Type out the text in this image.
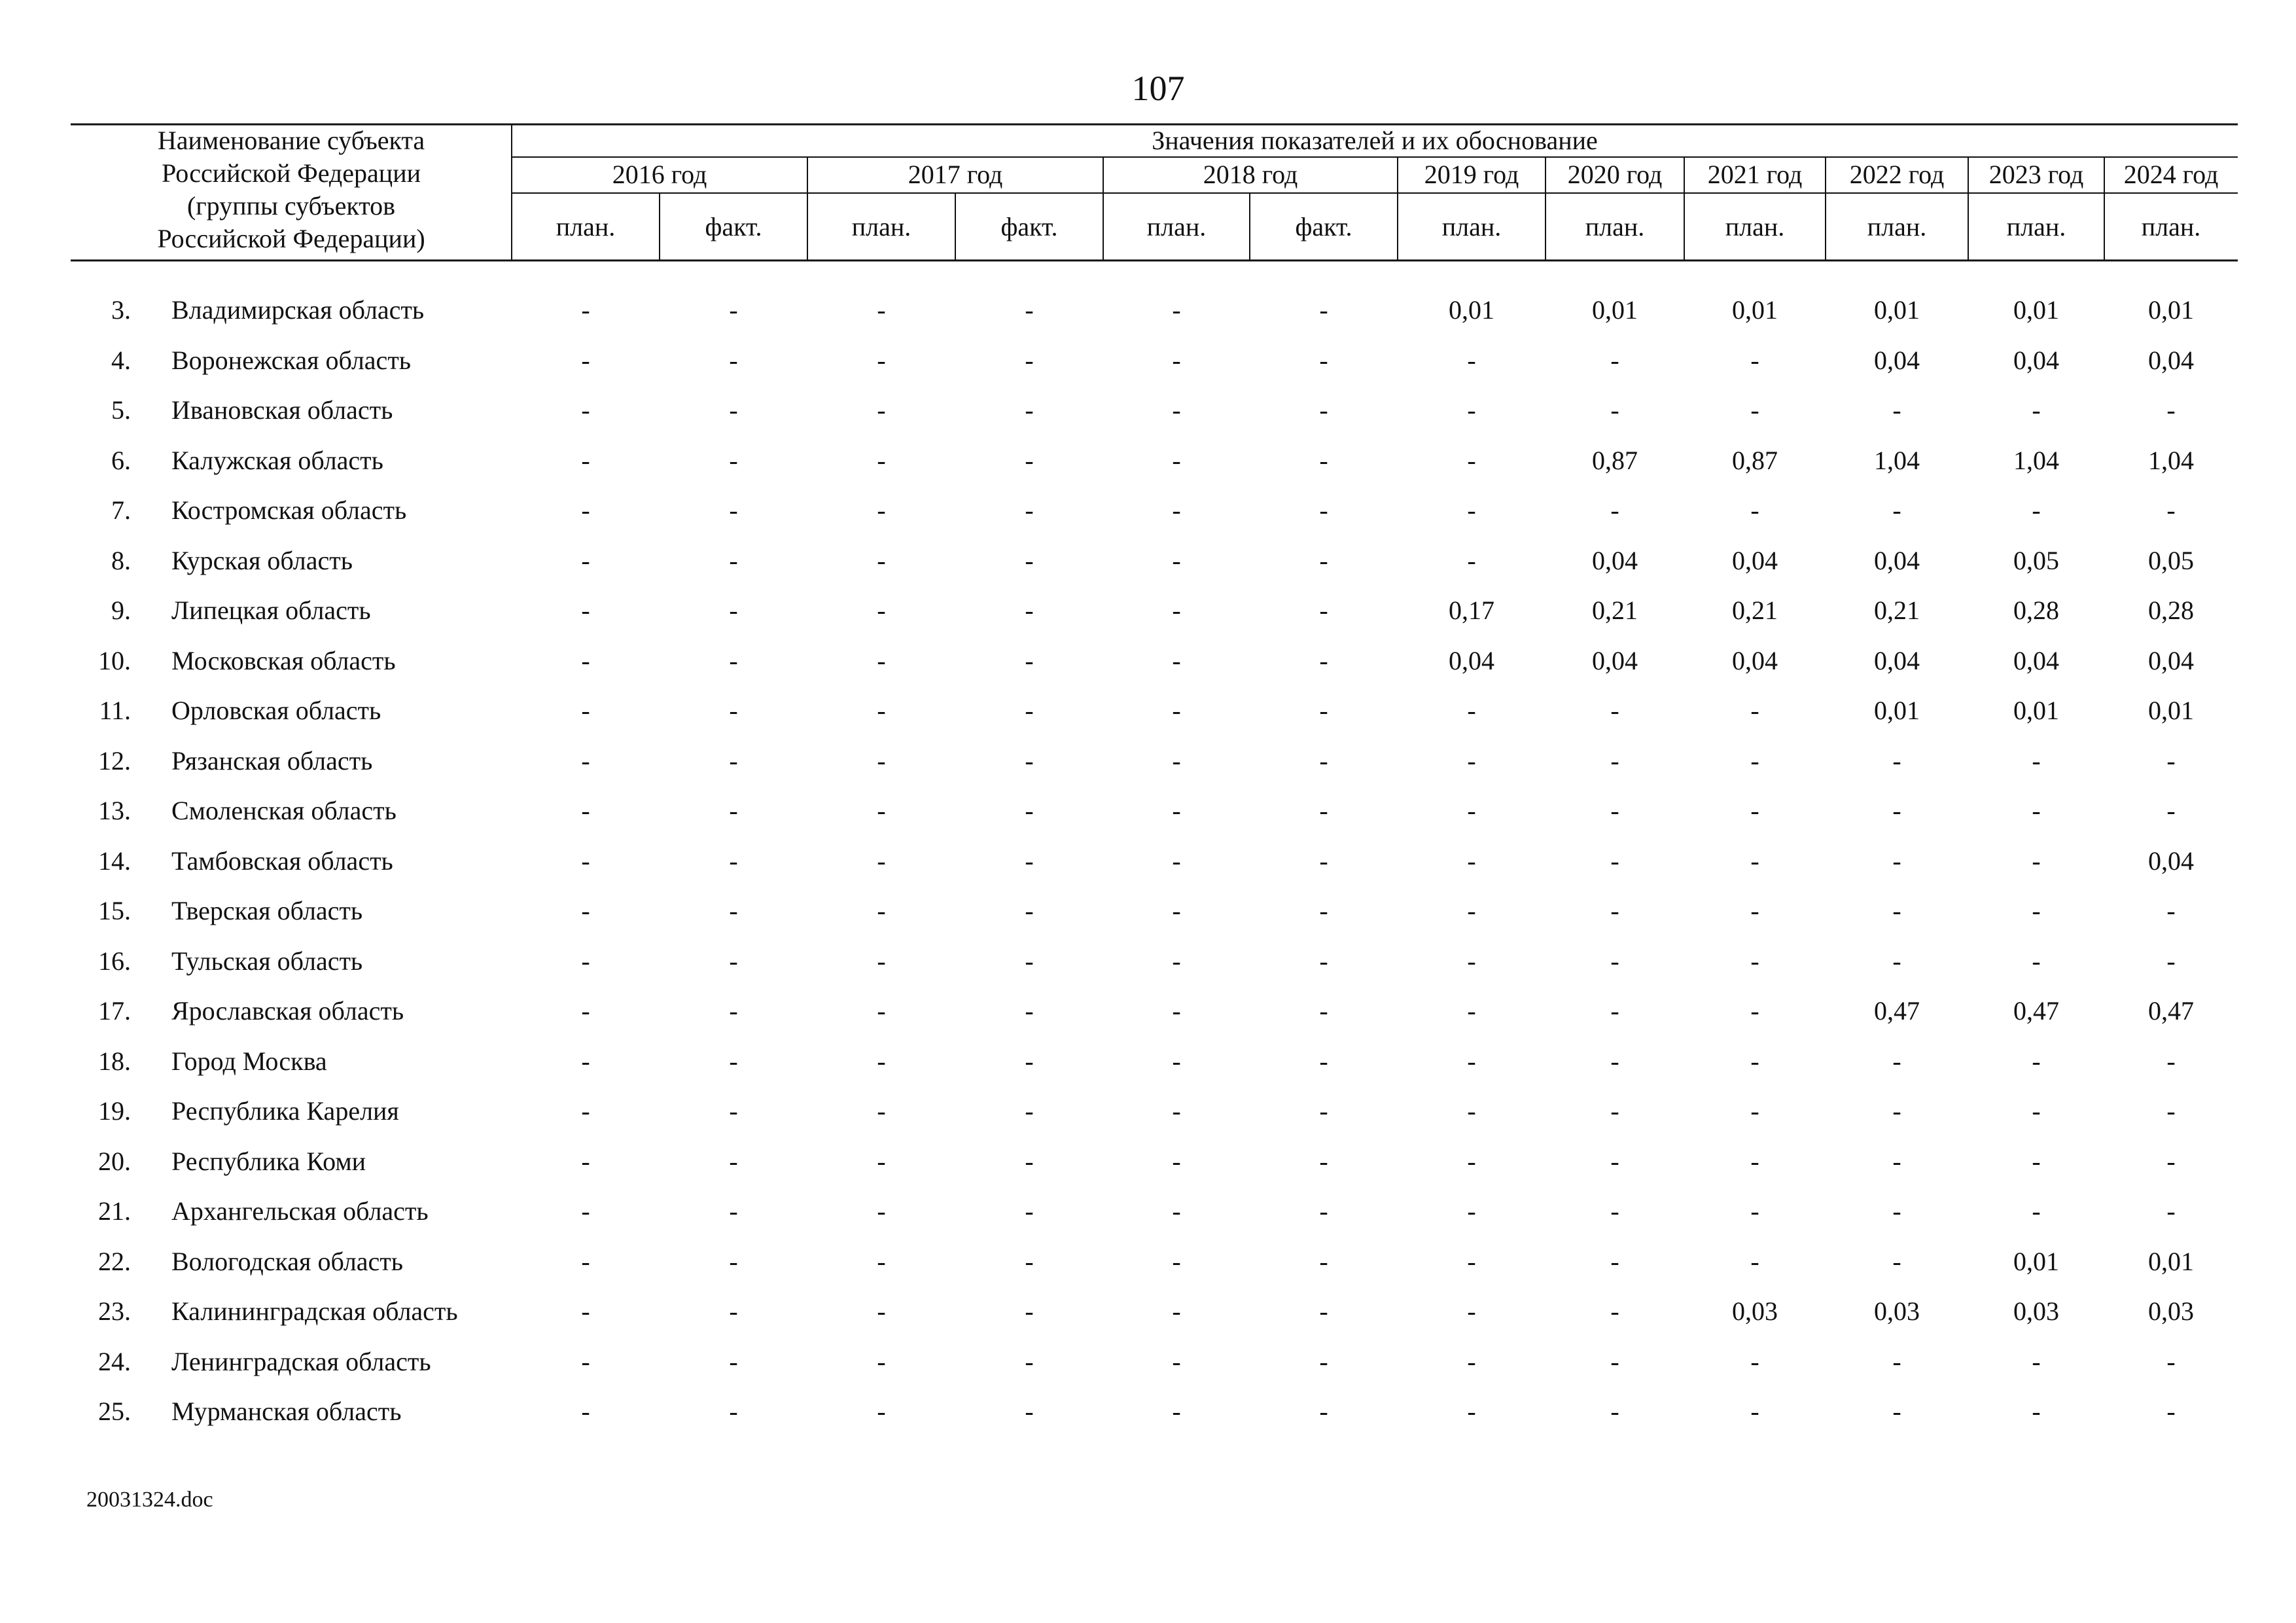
107
Наименование субъекта
Российской Федерации
(группы субъектов
Российской Федерации)
Значения показателей и их обоснование
2016 год	2017 год	2018 год	2019 год	2020 год	2021 год	2022 год	2023 год	2024 год
план.	факт.	план.	факт.	план.	факт.	план.	план.	план.	план.	план.	план.
3. Владимирская область	-	-	-	-	-	-	0,01	0,01	0,01	0,01	0,01	0,01
4. Воронежская область	-	-	-	-	-	-	-	-	-	0,04	0,04	0,04
5. Ивановская область	-	-	-	-	-	-	-	-	-	-	-	-
6. Калужская область	-	-	-	-	-	-	-	0,87	0,87	1,04	1,04	1,04
7. Костромская область	-	-	-	-	-	-	-	-	-	-	-	-
8. Курская область	-	-	-	-	-	-	-	0,04	0,04	0,04	0,05	0,05
9. Липецкая область	-	-	-	-	-	-	0,17	0,21	0,21	0,21	0,28	0,28
10. Московская область	-	-	-	-	-	-	0,04	0,04	0,04	0,04	0,04	0,04
11. Орловская область	-	-	-	-	-	-	-	-	-	0,01	0,01	0,01
12. Рязанская область	-	-	-	-	-	-	-	-	-	-	-	-
13. Смоленская область	-	-	-	-	-	-	-	-	-	-	-	-
14. Тамбовская область	-	-	-	-	-	-	-	-	-	-	-	0,04
15. Тверская область	-	-	-	-	-	-	-	-	-	-	-	-
16. Тульская область	-	-	-	-	-	-	-	-	-	-	-	-
17. Ярославская область	-	-	-	-	-	-	-	-	-	0,47	0,47	0,47
18. Город Москва	-	-	-	-	-	-	-	-	-	-	-	-
19. Республика Карелия	-	-	-	-	-	-	-	-	-	-	-	-
20. Республика Коми	-	-	-	-	-	-	-	-	-	-	-	-
21. Архангельская область	-	-	-	-	-	-	-	-	-	-	-	-
22. Вологодская область	-	-	-	-	-	-	-	-	-	-	0,01	0,01
23. Калининградская область	-	-	-	-	-	-	-	-	0,03	0,03	0,03	0,03
24. Ленинградская область	-	-	-	-	-	-	-	-	-	-	-	-
25. Мурманская область	-	-	-	-	-	-	-	-	-	-	-	-
20031324.doc
